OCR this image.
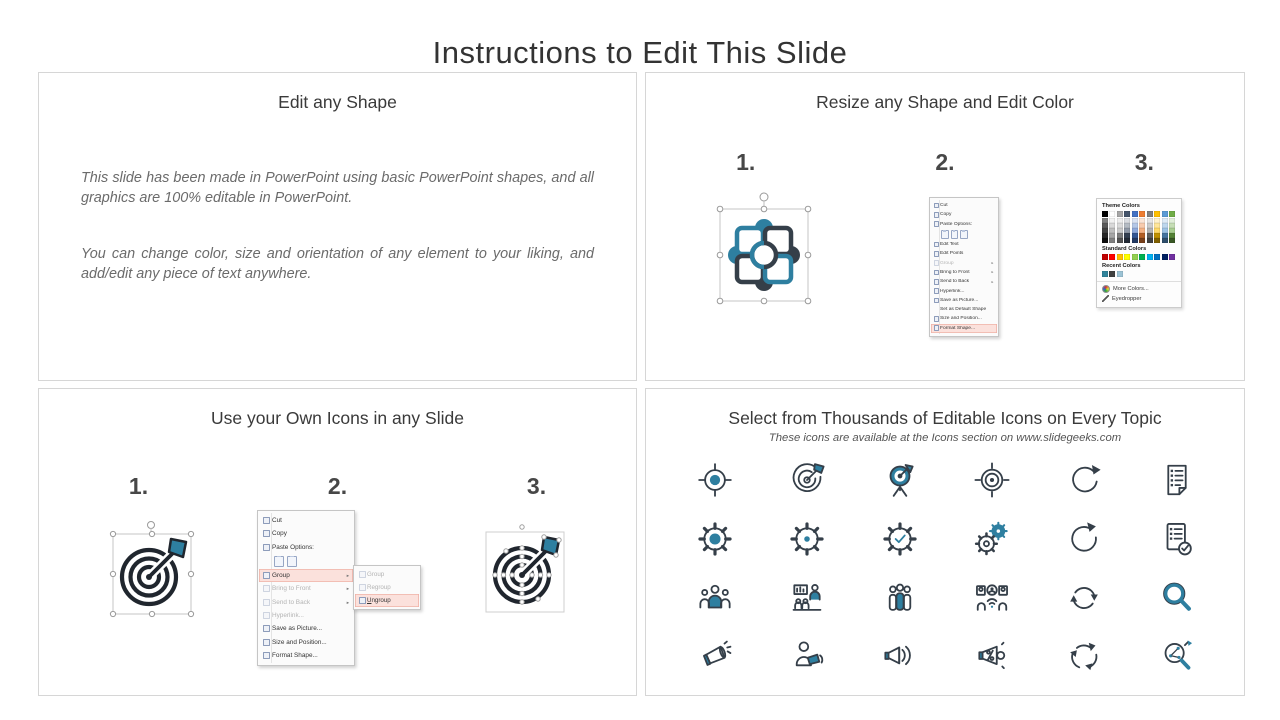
Instructions to Edit This Slide
Edit any Shape

This slide has been made in PowerPoint using basic PowerPoint shapes, and all graphics are 100% editable in PowerPoint.

You can change color, size and orientation of any element to your liking, and add/edit any piece of text anywhere.

Resize any Shape and Edit Color
1.	2.	3.
Cut
Copy
Paste Options:
Edit Text
Edit Points
Group	►
Bring to Front	►
Send to Back	►
Hyperlink...
Save as Picture...
Set as Default Shape
Size and Position...
Format Shape...
Theme Colors
Standard Colors
Recent Colors
More Colors...
Eyedropper
Use your Own Icons in any Slide
1.	2.	3.
Cut
Copy
Paste Options:
Group	►
Bring to Front	►
Send to Back	►
Hyperlink...
Save as Picture...
Size and Position...
Format Shape...
Group
Regroup
Ungroup
Select from Thousands of Editable Icons on Every Topic

These icons are available at the Icons section on www.slidegeeks.com
